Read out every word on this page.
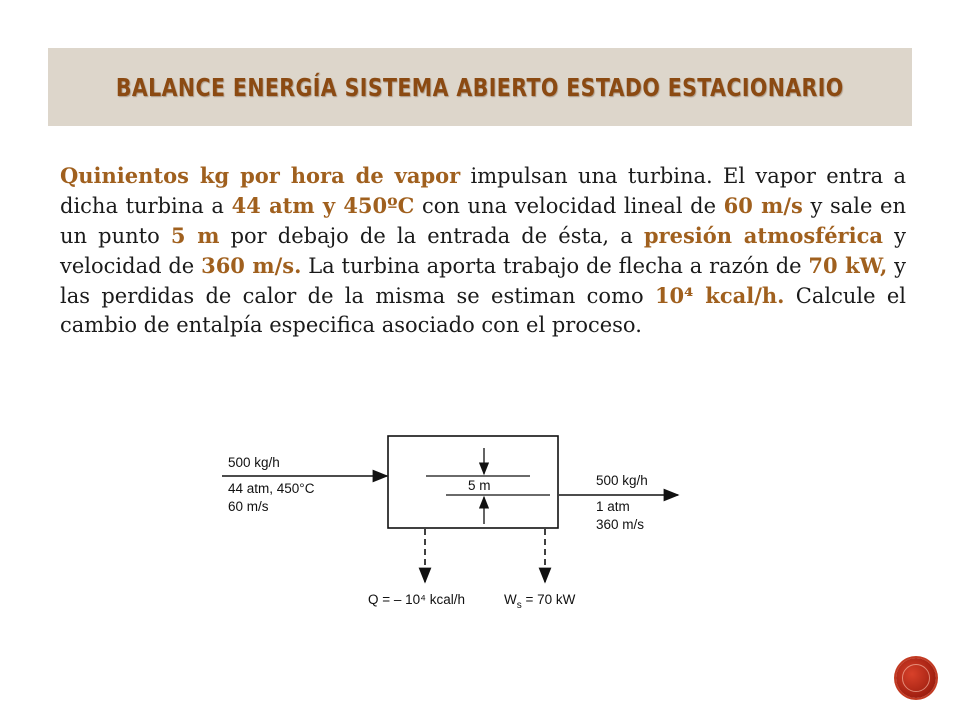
BALANCE ENERGÍA SISTEMA ABIERTO ESTADO ESTACIONARIO
Quinientos kg por hora de vapor impulsan una turbina. El vapor entra a dicha turbina a 44 atm y 450ºC con una velocidad lineal de 60 m/s y sale en un punto 5 m por debajo de la entrada de ésta, a presión atmosférica y velocidad de 360 m/s. La turbina aporta trabajo de flecha a razón de 70 kW, y las perdidas de calor de la misma se estiman como 10⁴ kcal/h. Calcule el cambio de entalpía especifica asociado con el proceso.
500 kg/h
44 atm, 450°C
60 m/s
5 m	500 kg/h
1 atm
360 m/s
Q = – 10⁴ kcal/h	$W_s = 70$ kW
